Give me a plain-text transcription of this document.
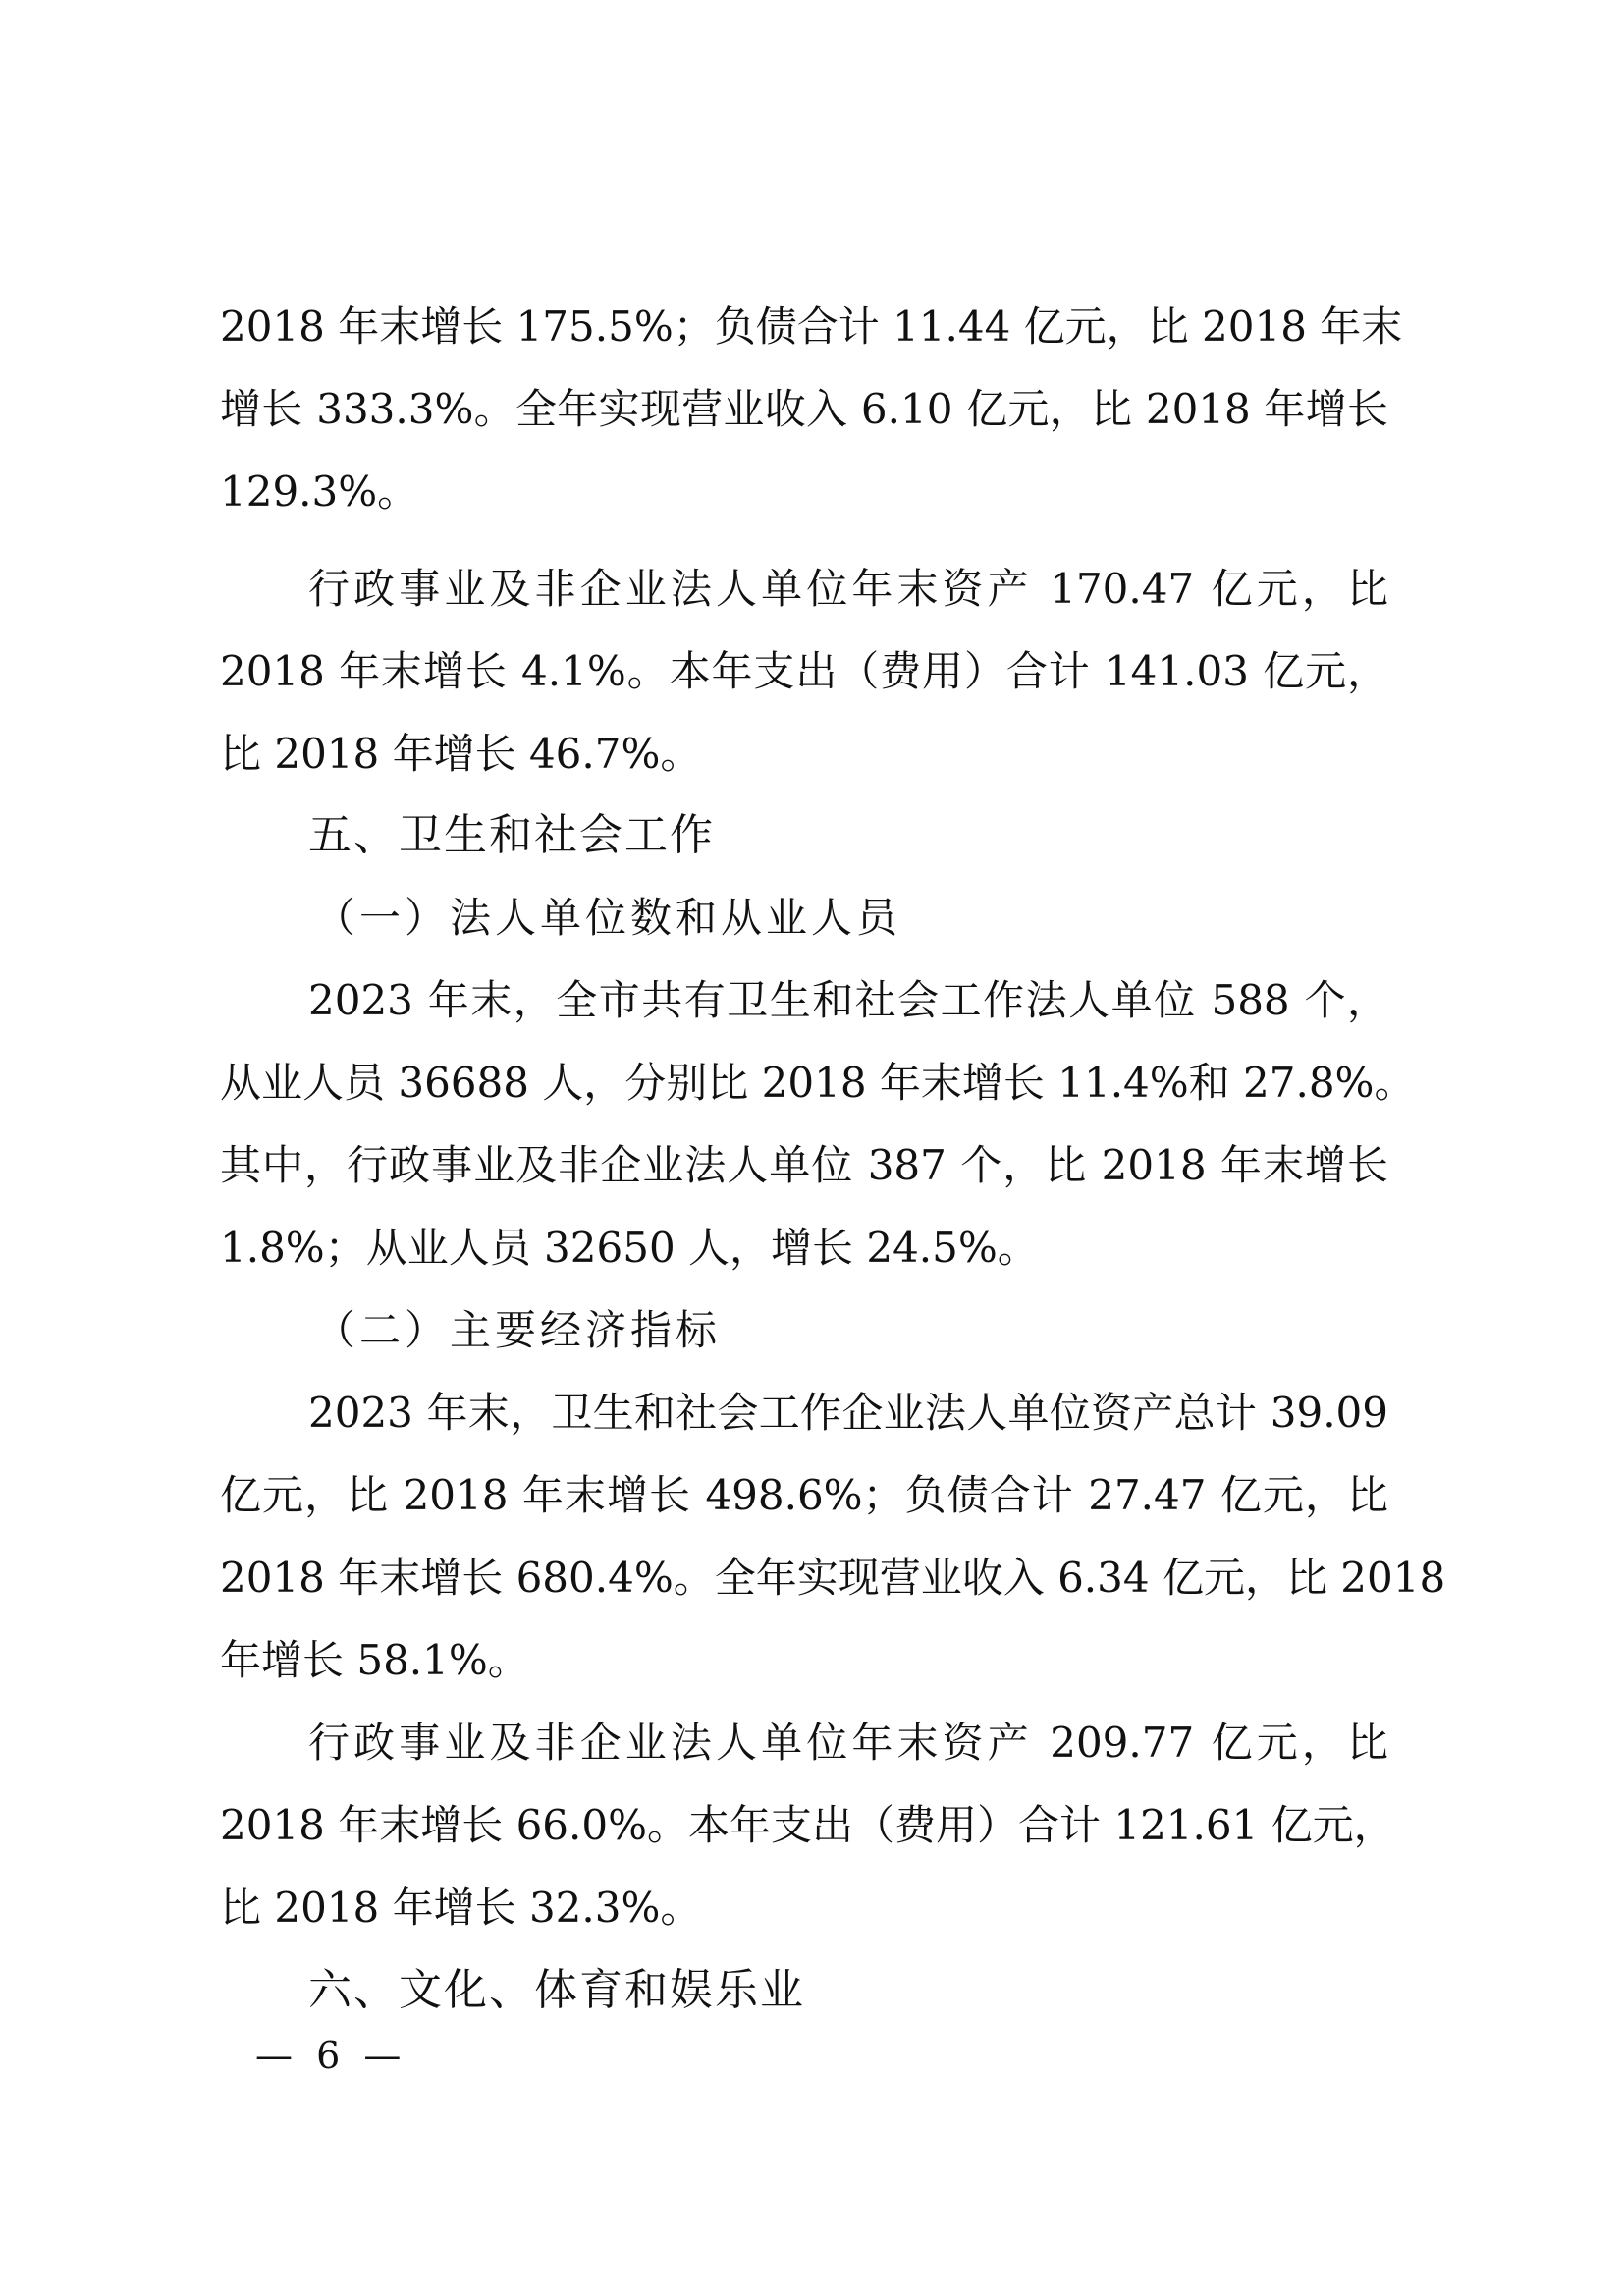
2018 年末增长 175.5%；负债合计 11.44 亿元，比 2018 年末
增长 333.3%。全年实现营业收入 6.10 亿元，比 2018 年增长
129.3%。
行政事业及非企业法人单位年末资产 170.47 亿元，比
2018 年末增长 4.1%。本年支出（费用）合计 141.03 亿元，
比 2018 年增长 46.7%。
五、卫生和社会工作
（一）法人单位数和从业人员
2023 年末，全市共有卫生和社会工作法人单位 588 个，
从业人员 36688 人，分别比 2018 年末增长 11.4%和 27.8%。
其中，行政事业及非企业法人单位 387 个，比 2018 年末增长
1.8%；从业人员 32650 人，增长 24.5%。
（二）主要经济指标
2023 年末，卫生和社会工作企业法人单位资产总计 39.09
亿元，比 2018 年末增长 498.6%；负债合计 27.47 亿元，比
2018 年末增长 680.4%。全年实现营业收入 6.34 亿元，比 2018
年增长 58.1%。
行政事业及非企业法人单位年末资产 209.77 亿元，比
2018 年末增长 66.0%。本年支出（费用）合计 121.61 亿元，
比 2018 年增长 32.3%。
六、文化、体育和娱乐业
— 6 —
